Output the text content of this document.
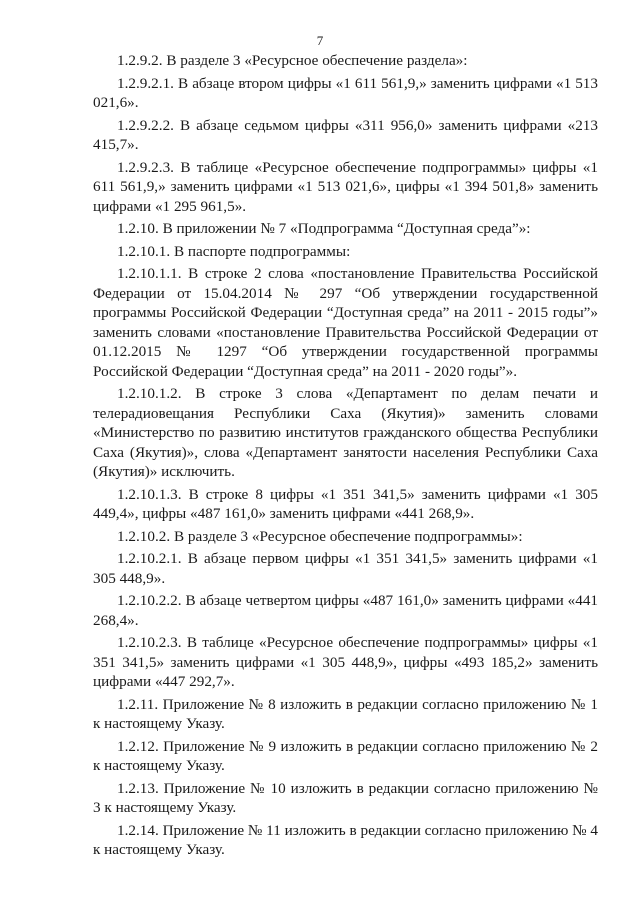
7

1.2.9.2. В разделе 3 «Ресурсное обеспечение раздела»:

1.2.9.2.1. В абзаце втором цифры «1 611 561,9,» заменить цифрами «1 513 021,6».

1.2.9.2.2. В абзаце седьмом цифры «311 956,0» заменить цифрами «213 415,7».

1.2.9.2.3. В таблице «Ресурсное обеспечение подпрограммы» цифры «1 611 561,9,» заменить цифрами «1 513 021,6», цифры «1 394 501,8» заменить цифрами «1 295 961,5».

1.2.10. В приложении № 7 «Подпрограмма “Доступная среда”»:

1.2.10.1. В паспорте подпрограммы:

1.2.10.1.1. В строке 2 слова «постановление Правительства Российской Федерации от 15.04.2014 № 297 “Об утверждении государственной программы Российской Федерации “Доступная среда” на 2011 - 2015 годы”» заменить словами «постановление Правительства Российской Федерации от 01.12.2015 № 1297 “Об утверждении государственной программы Российской Федерации “Доступная среда” на 2011 - 2020 годы”».

1.2.10.1.2. В строке 3 слова «Департамент по делам печати и телерадиовещания Республики Саха (Якутия)» заменить словами «Министерство по развитию институтов гражданского общества Республики Саха (Якутия)», слова «Департамент занятости населения Республики Саха (Якутия)» исключить.

1.2.10.1.3. В строке 8 цифры «1 351 341,5» заменить цифрами «1 305 449,4», цифры «487 161,0» заменить цифрами «441 268,9».

1.2.10.2. В разделе 3 «Ресурсное обеспечение подпрограммы»:

1.2.10.2.1. В абзаце первом цифры «1 351 341,5» заменить цифрами «1 305 448,9».

1.2.10.2.2. В абзаце четвертом цифры «487 161,0» заменить цифрами «441 268,4».

1.2.10.2.3. В таблице «Ресурсное обеспечение подпрограммы» цифры «1 351 341,5» заменить цифрами «1 305 448,9», цифры «493 185,2» заменить цифрами «447 292,7».

1.2.11. Приложение № 8 изложить в редакции согласно приложению № 1 к настоящему Указу.

1.2.12. Приложение № 9 изложить в редакции согласно приложению № 2 к настоящему Указу.

1.2.13. Приложение № 10 изложить в редакции согласно приложению № 3 к настоящему Указу.

1.2.14. Приложение № 11 изложить в редакции согласно приложению № 4 к настоящему Указу.
